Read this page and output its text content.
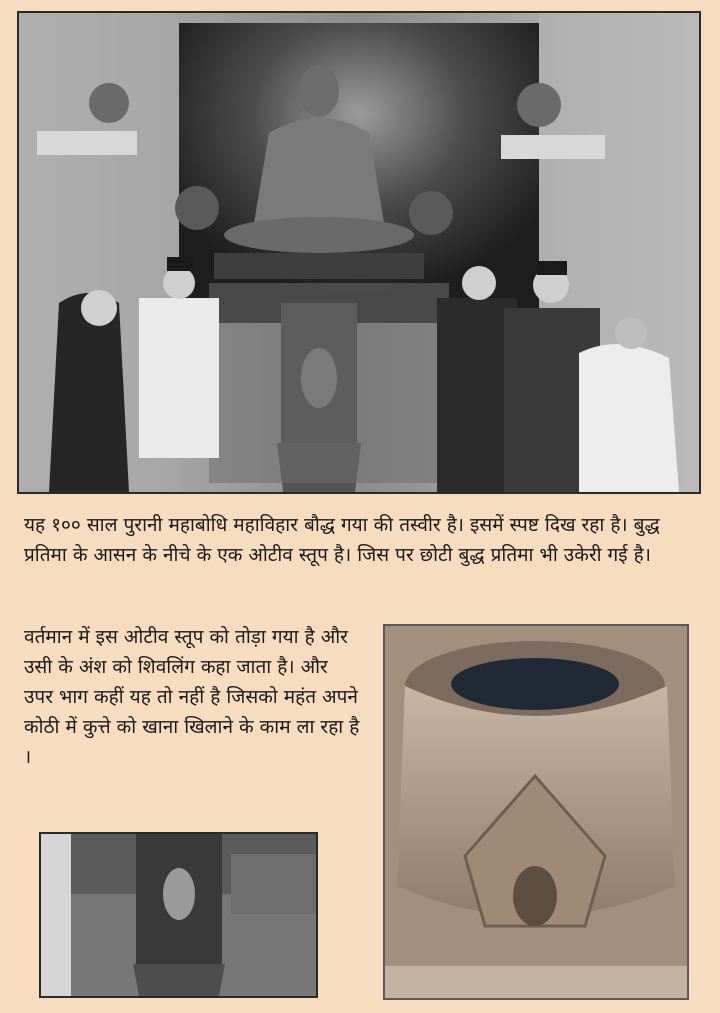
यह १०० साल पुरानी महाबोधि महाविहार बौद्ध गया की तस्वीर है। इसमें स्पष्ट दिख रहा है। बुद्ध प्रतिमा के आसन के नीचे के एक ओटीव स्तूप है। जिस पर छोटी बुद्ध प्रतिमा भी उकेरी गई है।

वर्तमान में इस ओटीव स्तूप को तोड़ा गया है और उसी के अंश को शिवलिंग कहा जाता है। और उपर भाग कहीं यह तो नहीं है जिसको महंत अपने कोठी में कुत्ते को खाना खिलाने के काम ला रहा है ।
